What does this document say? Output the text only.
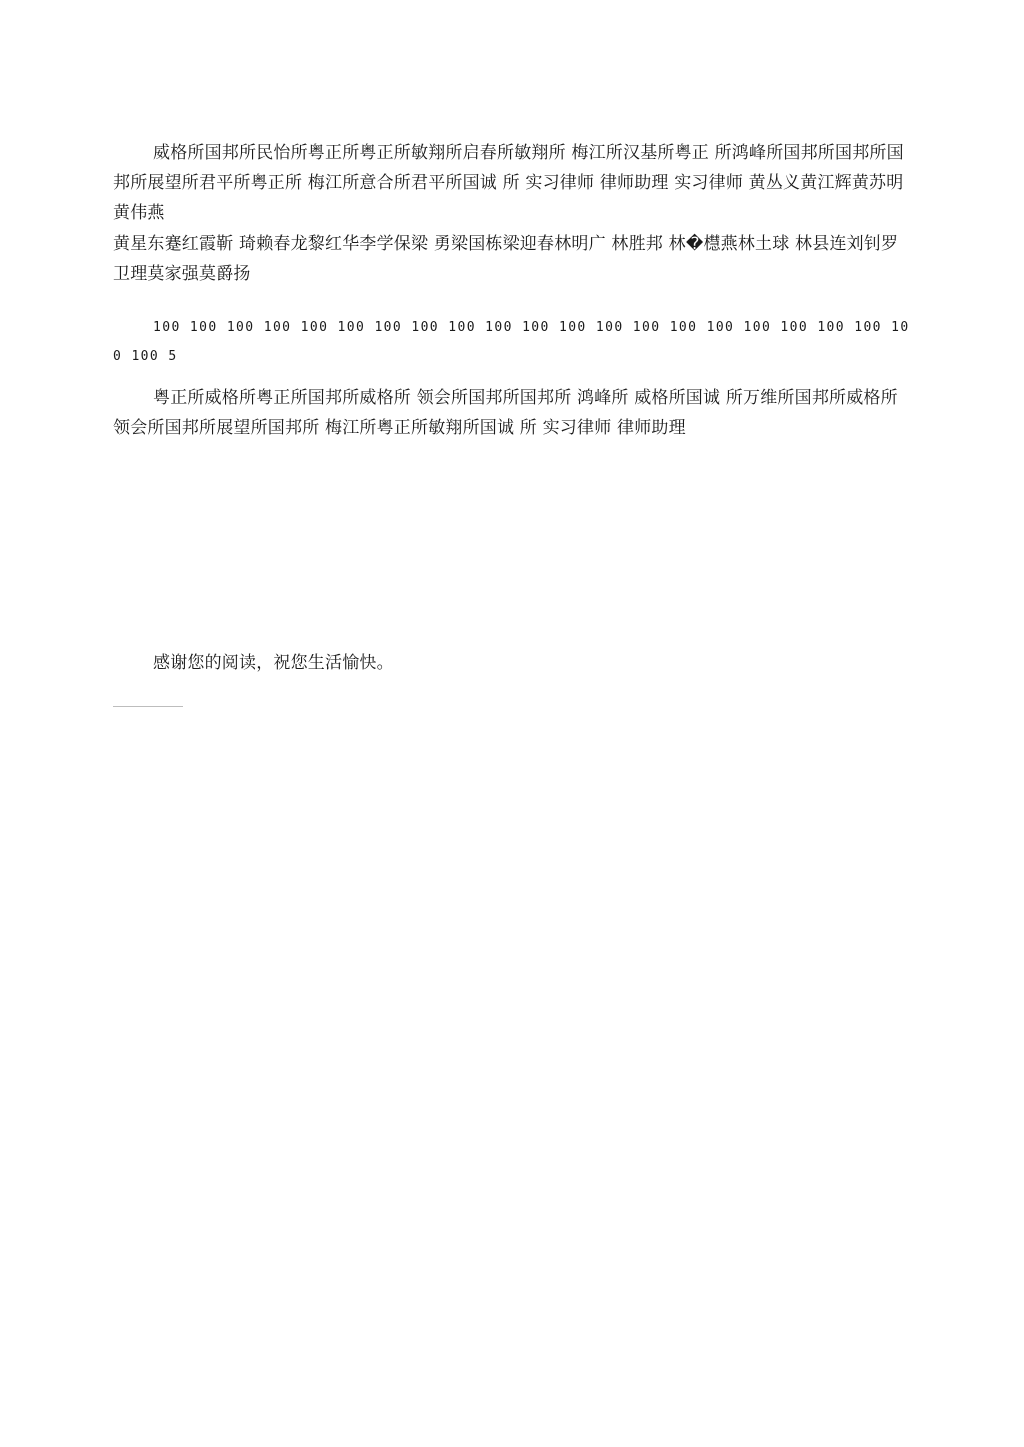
威格所国邦所民怡所粤正所粤正所敏翔所启春所敏翔所 梅江所汉基所粤正 所鸿峰所国邦所国邦所国邦所展望所君平所粤正所 梅江所意合所君平所国诚 所 实习律师 律师助理 实习律师 黄丛义黄江辉黄苏明黄伟燕

黄星东蹇红霞靳 琦赖春龙黎红华李学保梁 勇梁国栋梁迎春林明广 林胜邦 林�櫘燕林土球 林县连刘钊罗卫理莫家强莫爵扬

100 100 100 100 100 100 100 100 100 100 100 100 100 100 100 100 100 100 100 100 100 100 5

粤正所威格所粤正所国邦所威格所 领会所国邦所国邦所 鸿峰所 威格所国诚 所万维所国邦所威格所 领会所国邦所展望所国邦所 梅江所粤正所敏翔所国诚 所 实习律师 律师助理

感谢您的阅读，祝您生活愉快。
